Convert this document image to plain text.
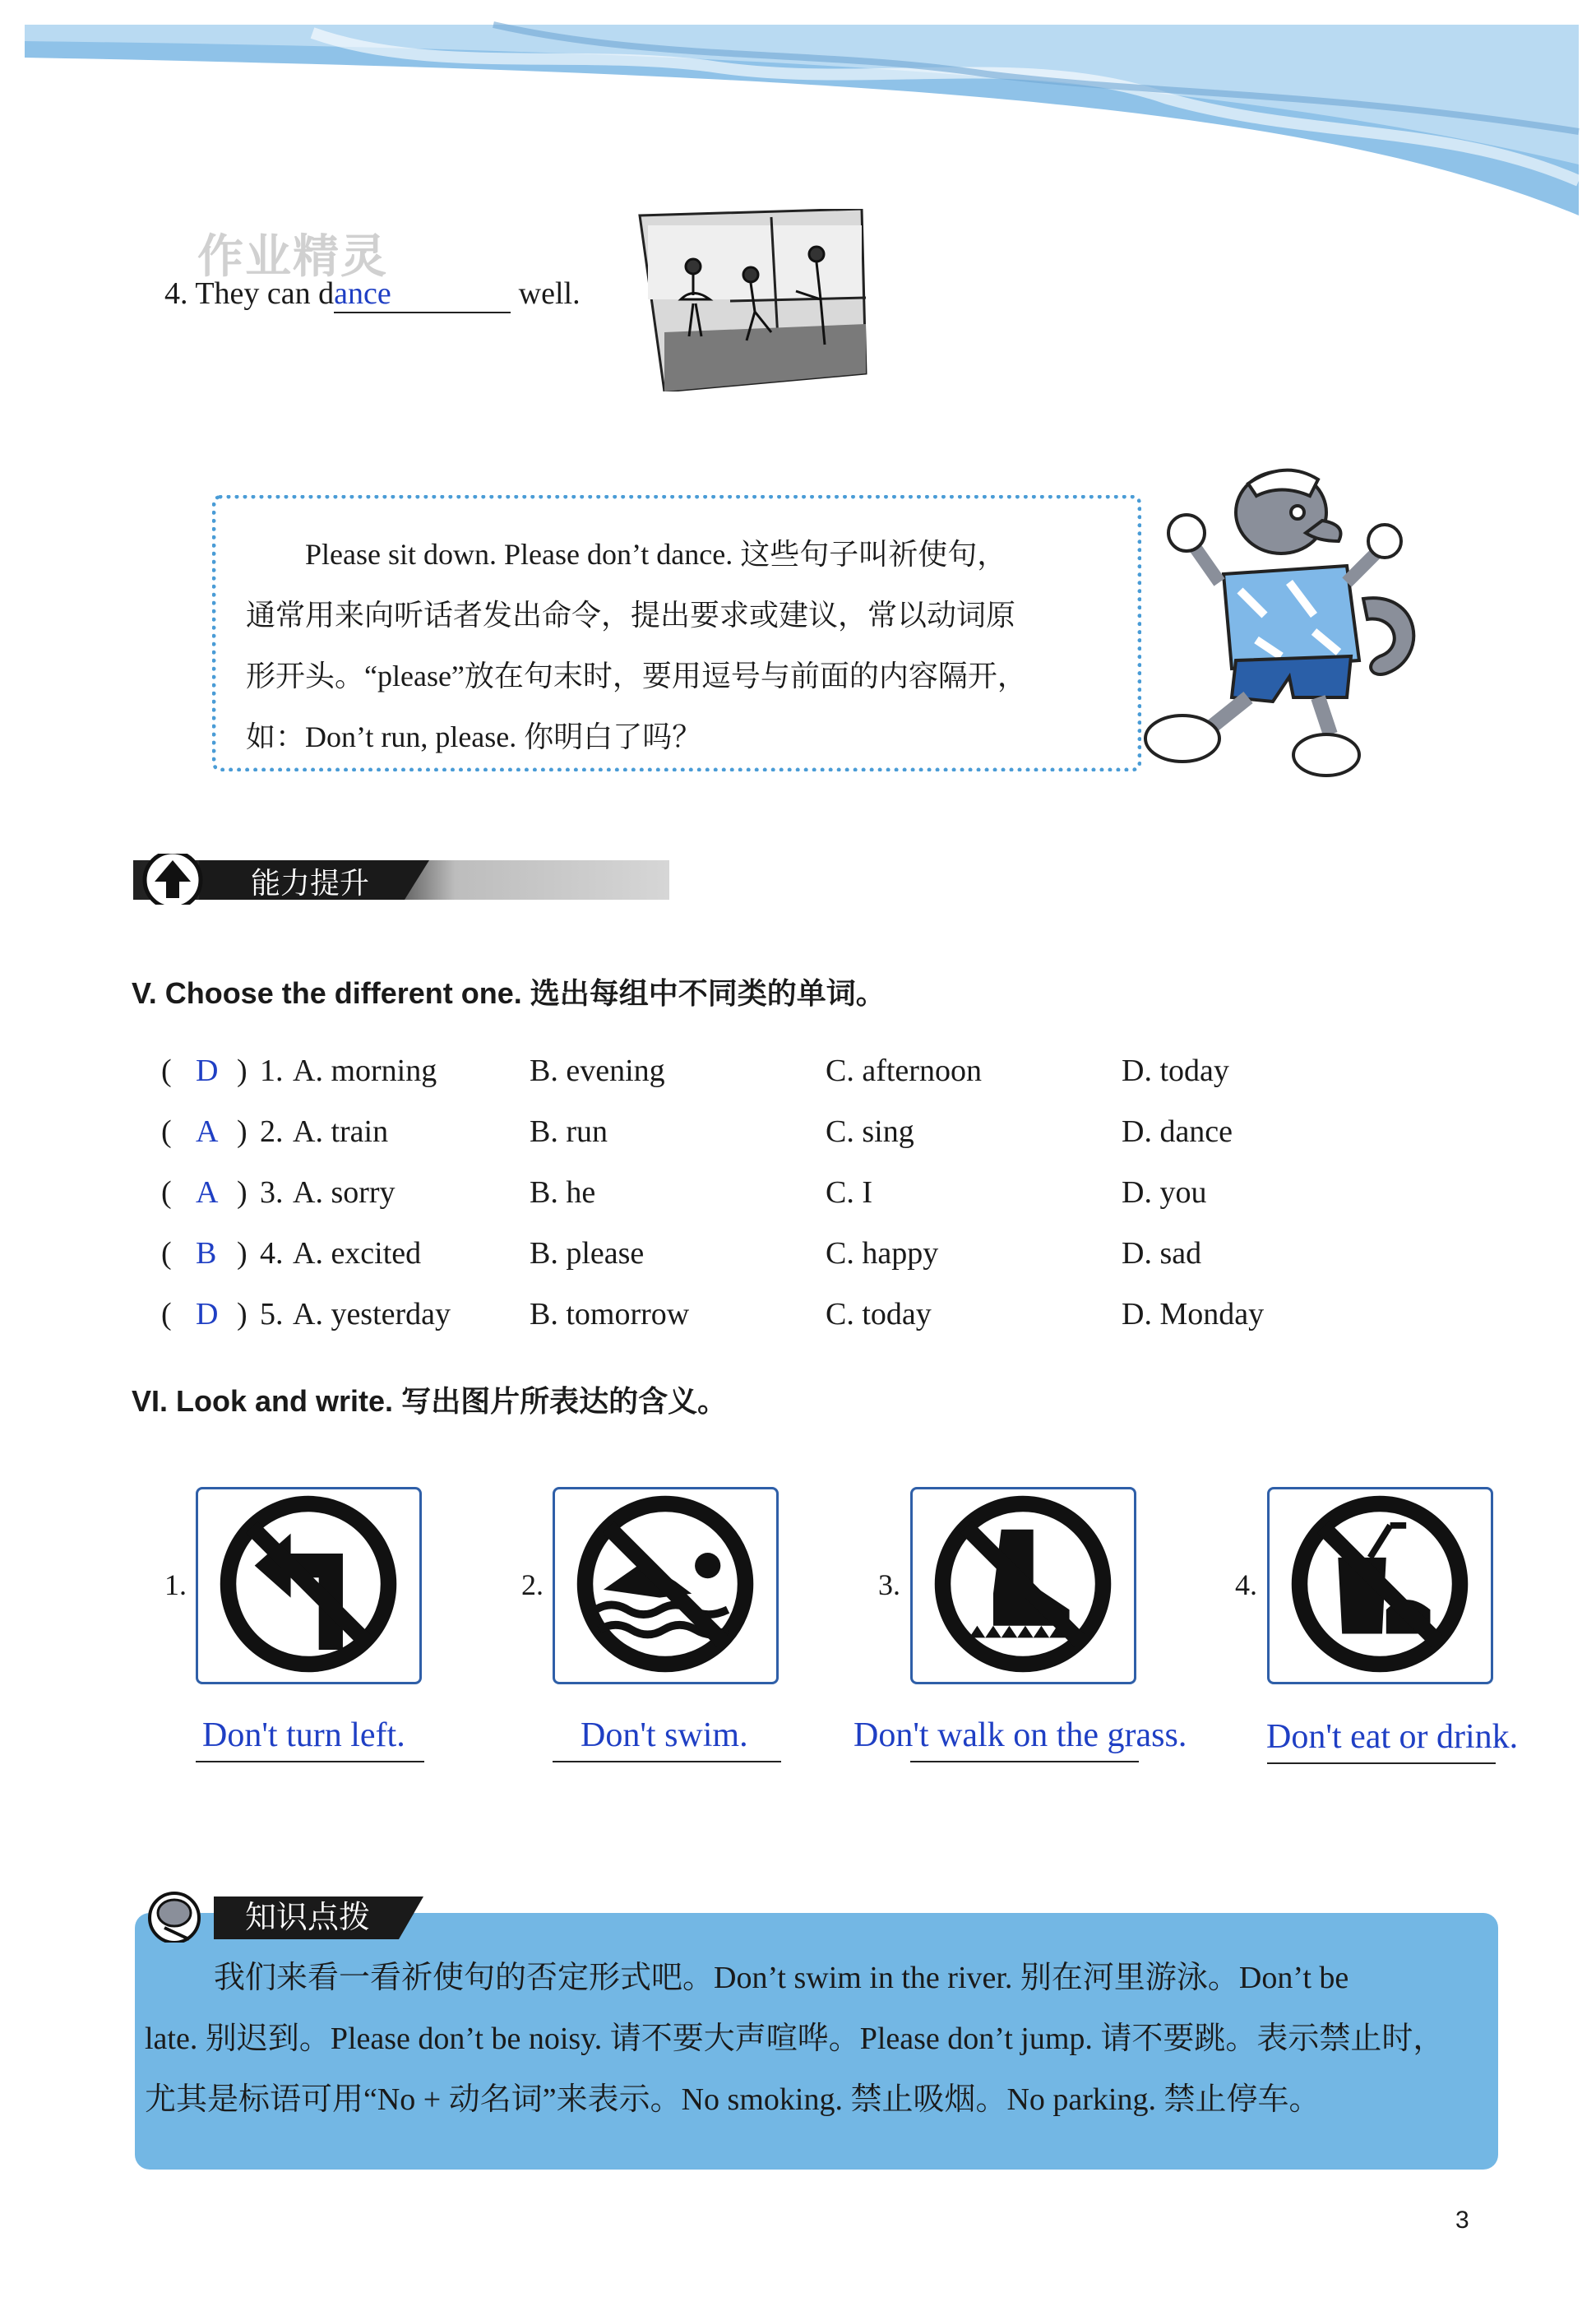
作业精灵
4. They can dance	well.

Please sit down. Please don’t dance. 这些句子叫祈使句，

通常用来向听话者发出命令，提出要求或建议，常以动词原

形开头。“please”放在句末时，要用逗号与前面的内容隔开，

如：Don’t run, please. 你明白了吗？

能力提升
V. Choose the different one. 选出每组中不同类的单词。
( D ) 1. A. morning	B. evening	C. afternoon	D. today
( A ) 2. A. train	B. run	C. sing	D. dance
( A ) 3. A. sorry	B. he	C. I	D. you
( B ) 4. A. excited	B. please	C. happy	D. sad
( D ) 5. A. yesterday	B. tomorrow	C. today	D. Monday
VI. Look and write. 写出图片所表达的含义。
1.
Don't turn left.
2.
Don't swim.
3.
Don't walk on the grass.
4.
Don't eat or drink.
知识点拨

我们来看一看祈使句的否定形式吧。Don’t swim in the river. 别在河里游泳。Don’t be

late. 别迟到。Please don’t be noisy. 请不要大声喧哗。Please don’t jump. 请不要跳。表示禁止时，

尤其是标语可用“No + 动名词”来表示。No smoking. 禁止吸烟。No parking. 禁止停车。

3
